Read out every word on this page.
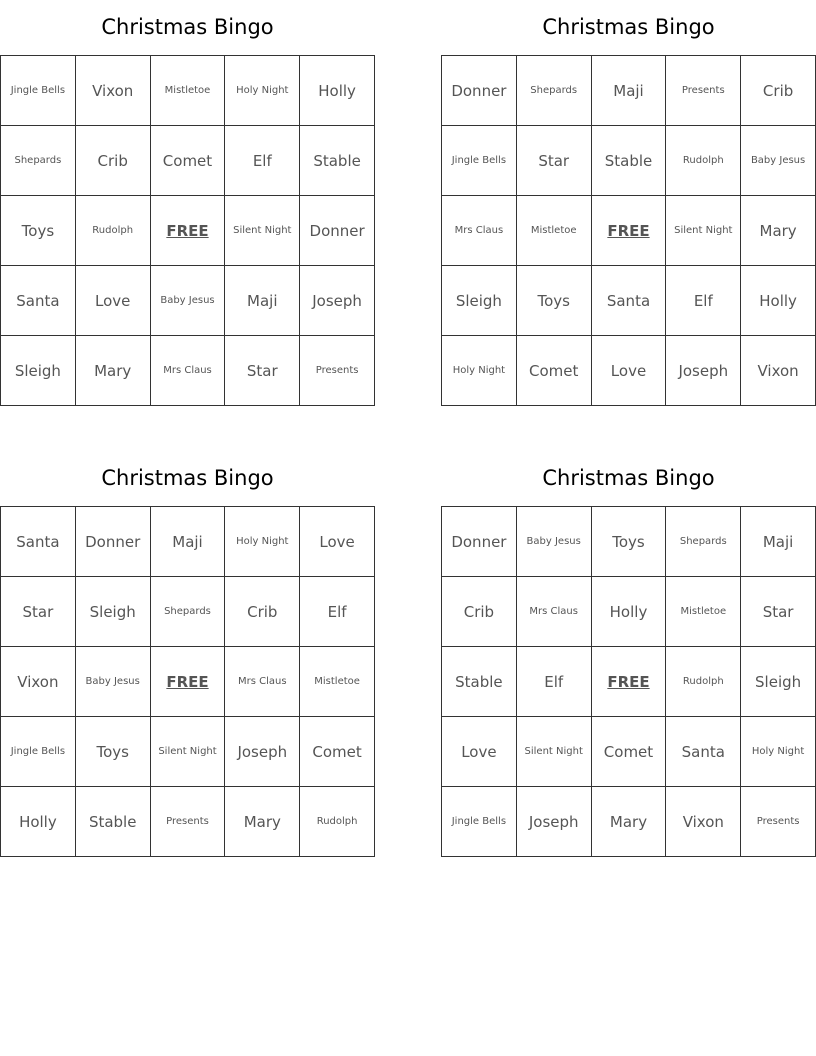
Christmas Bingo
Jingle Bells	Vixon	Mistletoe	Holy Night	Holly
Shepards	Crib	Comet	Elf	Stable
Toys	Rudolph	FREE	Silent Night	Donner
Santa	Love	Baby Jesus	Maji	Joseph
Sleigh	Mary	Mrs Claus	Star	Presents
Christmas Bingo
Donner	Shepards	Maji	Presents	Crib
Jingle Bells	Star	Stable	Rudolph	Baby Jesus
Mrs Claus	Mistletoe	FREE	Silent Night	Mary
Sleigh	Toys	Santa	Elf	Holly
Holy Night	Comet	Love	Joseph	Vixon
Christmas Bingo
Santa	Donner	Maji	Holy Night	Love
Star	Sleigh	Shepards	Crib	Elf
Vixon	Baby Jesus	FREE	Mrs Claus	Mistletoe
Jingle Bells	Toys	Silent Night	Joseph	Comet
Holly	Stable	Presents	Mary	Rudolph
Christmas Bingo
Donner	Baby Jesus	Toys	Shepards	Maji
Crib	Mrs Claus	Holly	Mistletoe	Star
Stable	Elf	FREE	Rudolph	Sleigh
Love	Silent Night	Comet	Santa	Holy Night
Jingle Bells	Joseph	Mary	Vixon	Presents
